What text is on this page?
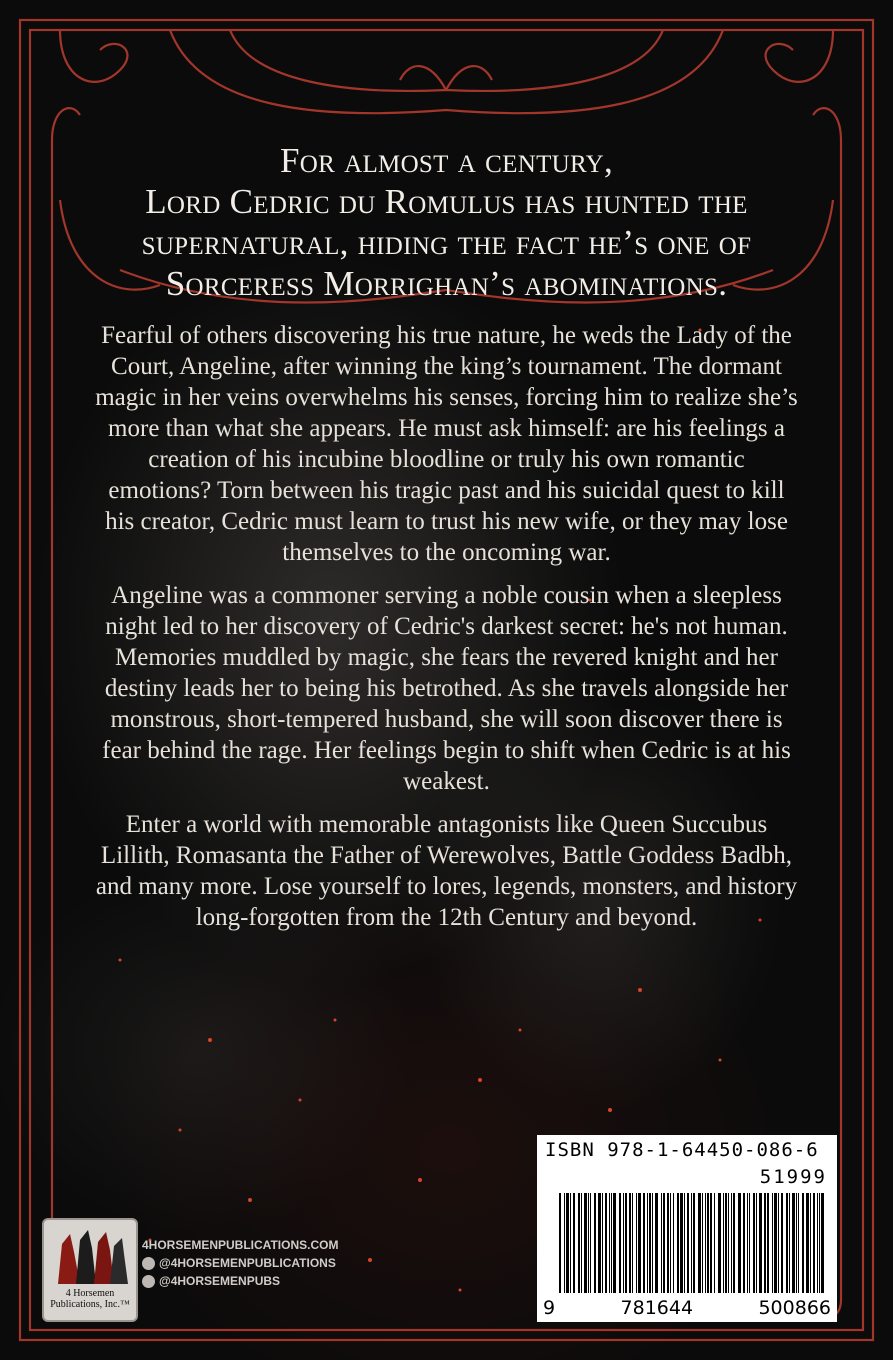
For almost a century,
Lord Cedric du Romulus has hunted the
supernatural, hiding the fact he’s one of
Sorceress Morrighan’s abominations.

Fearful of others discovering his true nature, he weds the Lady of the Court, Angeline, after winning the king’s tournament. The dormant magic in her veins overwhelms his senses, forcing him to realize she’s more than what she appears. He must ask himself: are his feelings a creation of his incubine bloodline or truly his own romantic emotions? Torn between his tragic past and his suicidal quest to kill his creator, Cedric must learn to trust his new wife, or they may lose themselves to the oncoming war.

Angeline was a commoner serving a noble cousin when a sleepless night led to her discovery of Cedric's darkest secret: he's not human. Memories muddled by magic, she fears the revered knight and her destiny leads her to being his betrothed. As she travels alongside her monstrous, short-tempered husband, she will soon discover there is fear behind the rage. Her feelings begin to shift when Cedric is at his weakest.

Enter a world with memorable antagonists like Queen Succubus Lillith, Romasanta the Father of Werewolves, Battle Goddess Badbh, and many more. Lose yourself to lores, legends, monsters, and history long-forgotten from the 12th Century and beyond.

ISBN 978-1-64450-086-6
51999
9	781644	500866
4 Horsemen Publications, Inc.™
4HORSEMENPUBLICATIONS.COM
@4HORSEMENPUBLICATIONS
@4HORSEMENPUBS
